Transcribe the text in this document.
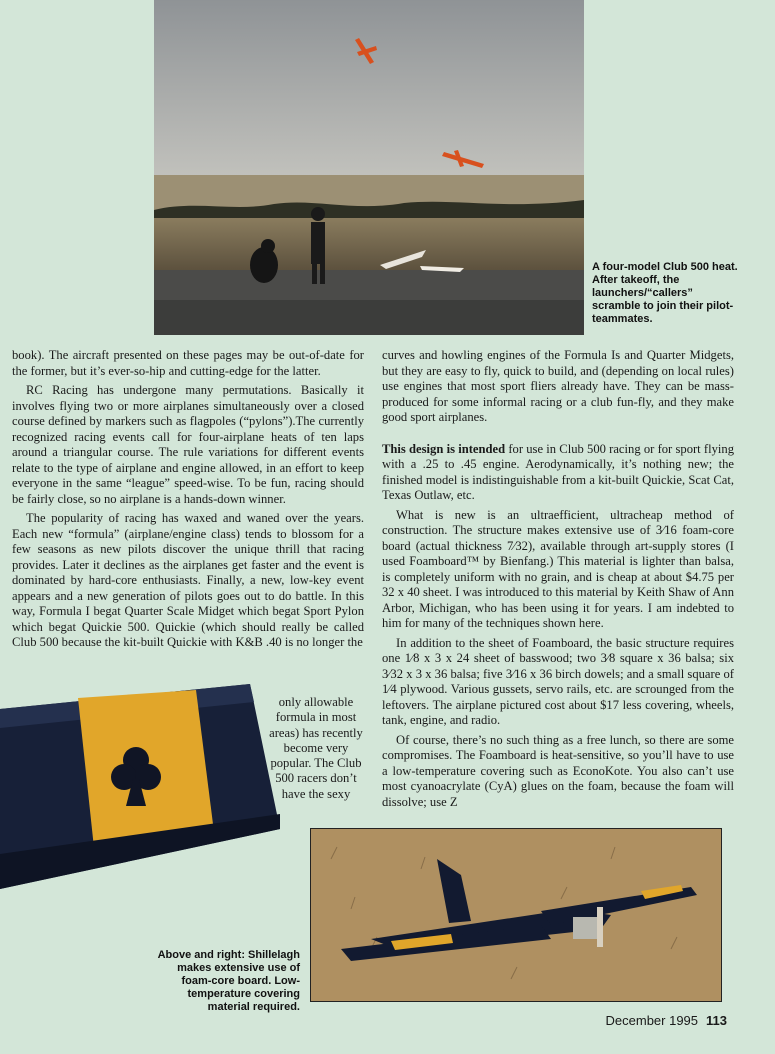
A four-model Club 500 heat. After takeoff, the launchers/“callers” scramble to join their pilot-teammates.

book). The aircraft presented on these pages may be out-of-date for the former, but it’s ever-so-hip and cutting-edge for the latter.

RC Racing has undergone many permutations. Basically it involves flying two or more airplanes simultaneously over a closed course defined by markers such as flagpoles (“pylons”).The currently recognized racing events call for four-airplane heats of ten laps around a triangular course. The rule variations for different events relate to the type of airplane and engine allowed, in an effort to keep everyone in the same “league” speed-wise. To be fun, racing should be fairly close, so no airplane is a hands-down winner.

The popularity of racing has waxed and waned over the years. Each new “formula” (airplane/engine class) tends to blossom for a few seasons as new pilots discover the unique thrill that racing provides. Later it declines as the airplanes get faster and the event is dominated by hard-core enthusiasts. Finally, a new, low-key event appears and a new generation of pilots goes out to do battle. In this way, Formula I begat Quarter Scale Midget which begat Sport Pylon which begat Quickie 500. Quickie (which should really be called Club 500 because the kit-built Quickie with K&B .40 is no longer the

only allowable formula in most areas) has recently become very popular. The Club 500 racers don’t have the sexy

curves and howling engines of the Formula Is and Quarter Midgets, but they are easy to fly, quick to build, and (depending on local rules) use engines that most sport fliers already have. They can be mass-produced for some informal racing or a club fun-fly, and they make good sport airplanes.

This design is intended for use in Club 500 racing or for sport flying with a .25 to .45 engine. Aerodynamically, it’s nothing new; the finished model is indistinguishable from a kit-built Quickie, Scat Cat, Texas Outlaw, etc.

What is new is an ultraefficient, ultracheap method of construction. The structure makes extensive use of 3⁄16 foam-core board (actual thickness 7⁄32), available through art-supply stores (I used Foamboard™ by Bienfang.) This material is lighter than balsa, is completely uniform with no grain, and is cheap at about $4.75 per 32 x 40 sheet. I was introduced to this material by Keith Shaw of Ann Arbor, Michigan, who has been using it for years. I am indebted to him for many of the techniques shown here.

In addition to the sheet of Foamboard, the basic structure requires one 1⁄8 x 3 x 24 sheet of basswood; two 3⁄8 square x 36 balsa; six 3⁄32 x 3 x 36 balsa; five 3⁄16 x 36 birch dowels; and a small square of 1⁄4 plywood. Various gussets, servo rails, etc. are scrounged from the leftovers. The airplane pictured cost about $17 less covering, wheels, tank, engine, and radio.

Of course, there’s no such thing as a free lunch, so there are some compromises. The Foamboard is heat-sensitive, so you’ll have to use a low-temperature covering such as EconoKote. You also can’t use most cyanoacrylate (CyA) glues on the foam, because the foam will dissolve; use Z

Above and right: Shillelagh makes extensive use of foam-core board. Low-temperature covering material required.
December 1995 113
